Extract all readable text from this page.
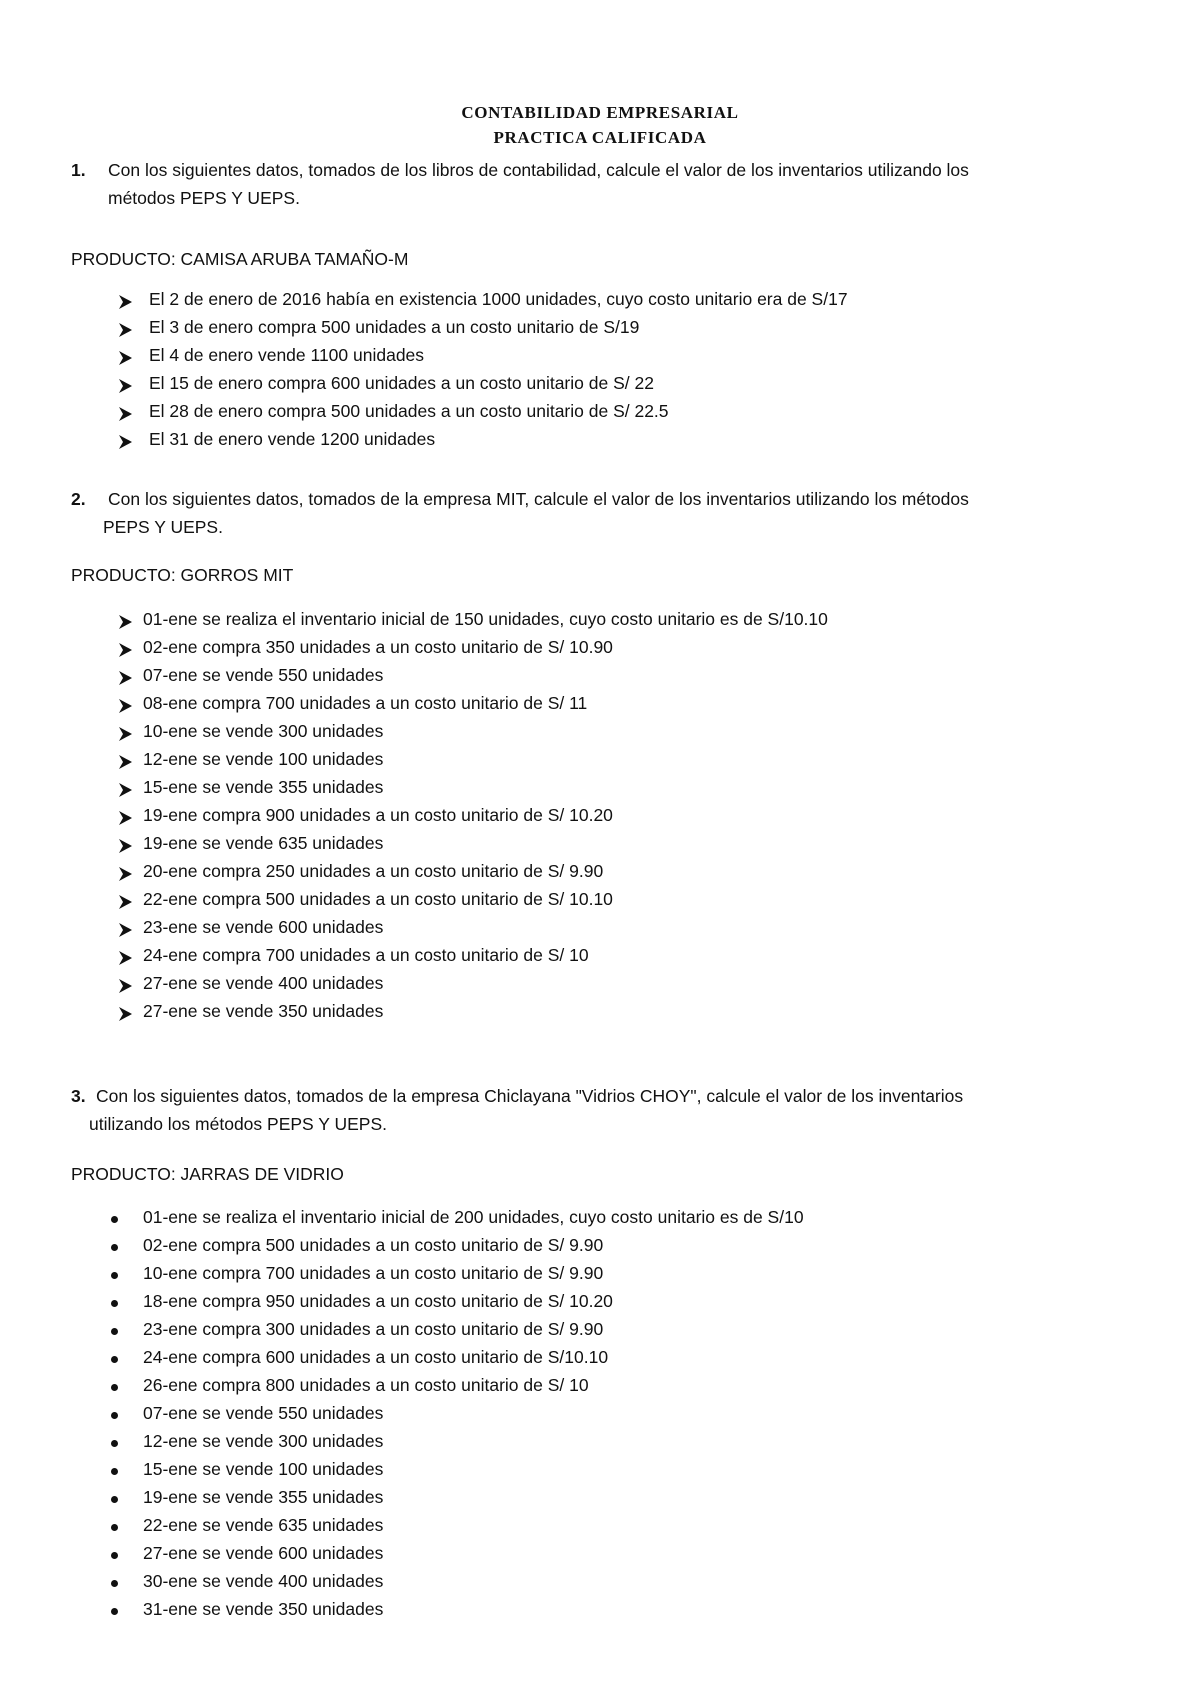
CONTABILIDAD EMPRESARIAL
PRACTICA CALIFICADA
1. Con los siguientes datos, tomados de los libros de contabilidad, calcule el valor de los inventarios utilizando los
métodos PEPS Y UEPS.
PRODUCTO: CAMISA ARUBA TAMAÑO-M
El 2 de enero de 2016 había en existencia 1000 unidades, cuyo costo unitario era de S/17
El 3 de enero compra 500 unidades a un costo unitario de S/19
El 4 de enero vende 1100 unidades
El 15 de enero compra 600 unidades a un costo unitario de S/ 22
El 28 de enero compra 500 unidades a un costo unitario de S/ 22.5
El 31 de enero vende 1200 unidades
2. Con los siguientes datos, tomados de la empresa MIT, calcule el valor de los inventarios utilizando los métodos
PEPS Y UEPS.
PRODUCTO: GORROS MIT
01-ene se realiza el inventario inicial de 150 unidades, cuyo costo unitario es de S/10.10
02-ene compra 350 unidades a un costo unitario de S/ 10.90
07-ene se vende 550 unidades
08-ene compra 700 unidades a un costo unitario de S/ 11
10-ene se vende 300 unidades
12-ene se vende 100 unidades
15-ene se vende 355 unidades
19-ene compra 900 unidades a un costo unitario de S/ 10.20
19-ene se vende 635 unidades
20-ene compra 250 unidades a un costo unitario de S/ 9.90
22-ene compra 500 unidades a un costo unitario de S/ 10.10
23-ene se vende 600 unidades
24-ene compra 700 unidades a un costo unitario de S/ 10
27-ene se vende 400 unidades
27-ene se vende 350 unidades
3. Con los siguientes datos, tomados de la empresa Chiclayana "Vidrios CHOY", calcule el valor de los inventarios
utilizando los métodos PEPS Y UEPS.
PRODUCTO: JARRAS DE VIDRIO
01-ene se realiza el inventario inicial de 200 unidades, cuyo costo unitario es de S/10
02-ene compra 500 unidades a un costo unitario de S/ 9.90
10-ene compra 700 unidades a un costo unitario de S/ 9.90
18-ene compra 950 unidades a un costo unitario de S/ 10.20
23-ene compra 300 unidades a un costo unitario de S/ 9.90
24-ene compra 600 unidades a un costo unitario de S/10.10
26-ene compra 800 unidades a un costo unitario de S/ 10
07-ene se vende 550 unidades
12-ene se vende 300 unidades
15-ene se vende 100 unidades
19-ene se vende 355 unidades
22-ene se vende 635 unidades
27-ene se vende 600 unidades
30-ene se vende 400 unidades
31-ene se vende 350 unidades
